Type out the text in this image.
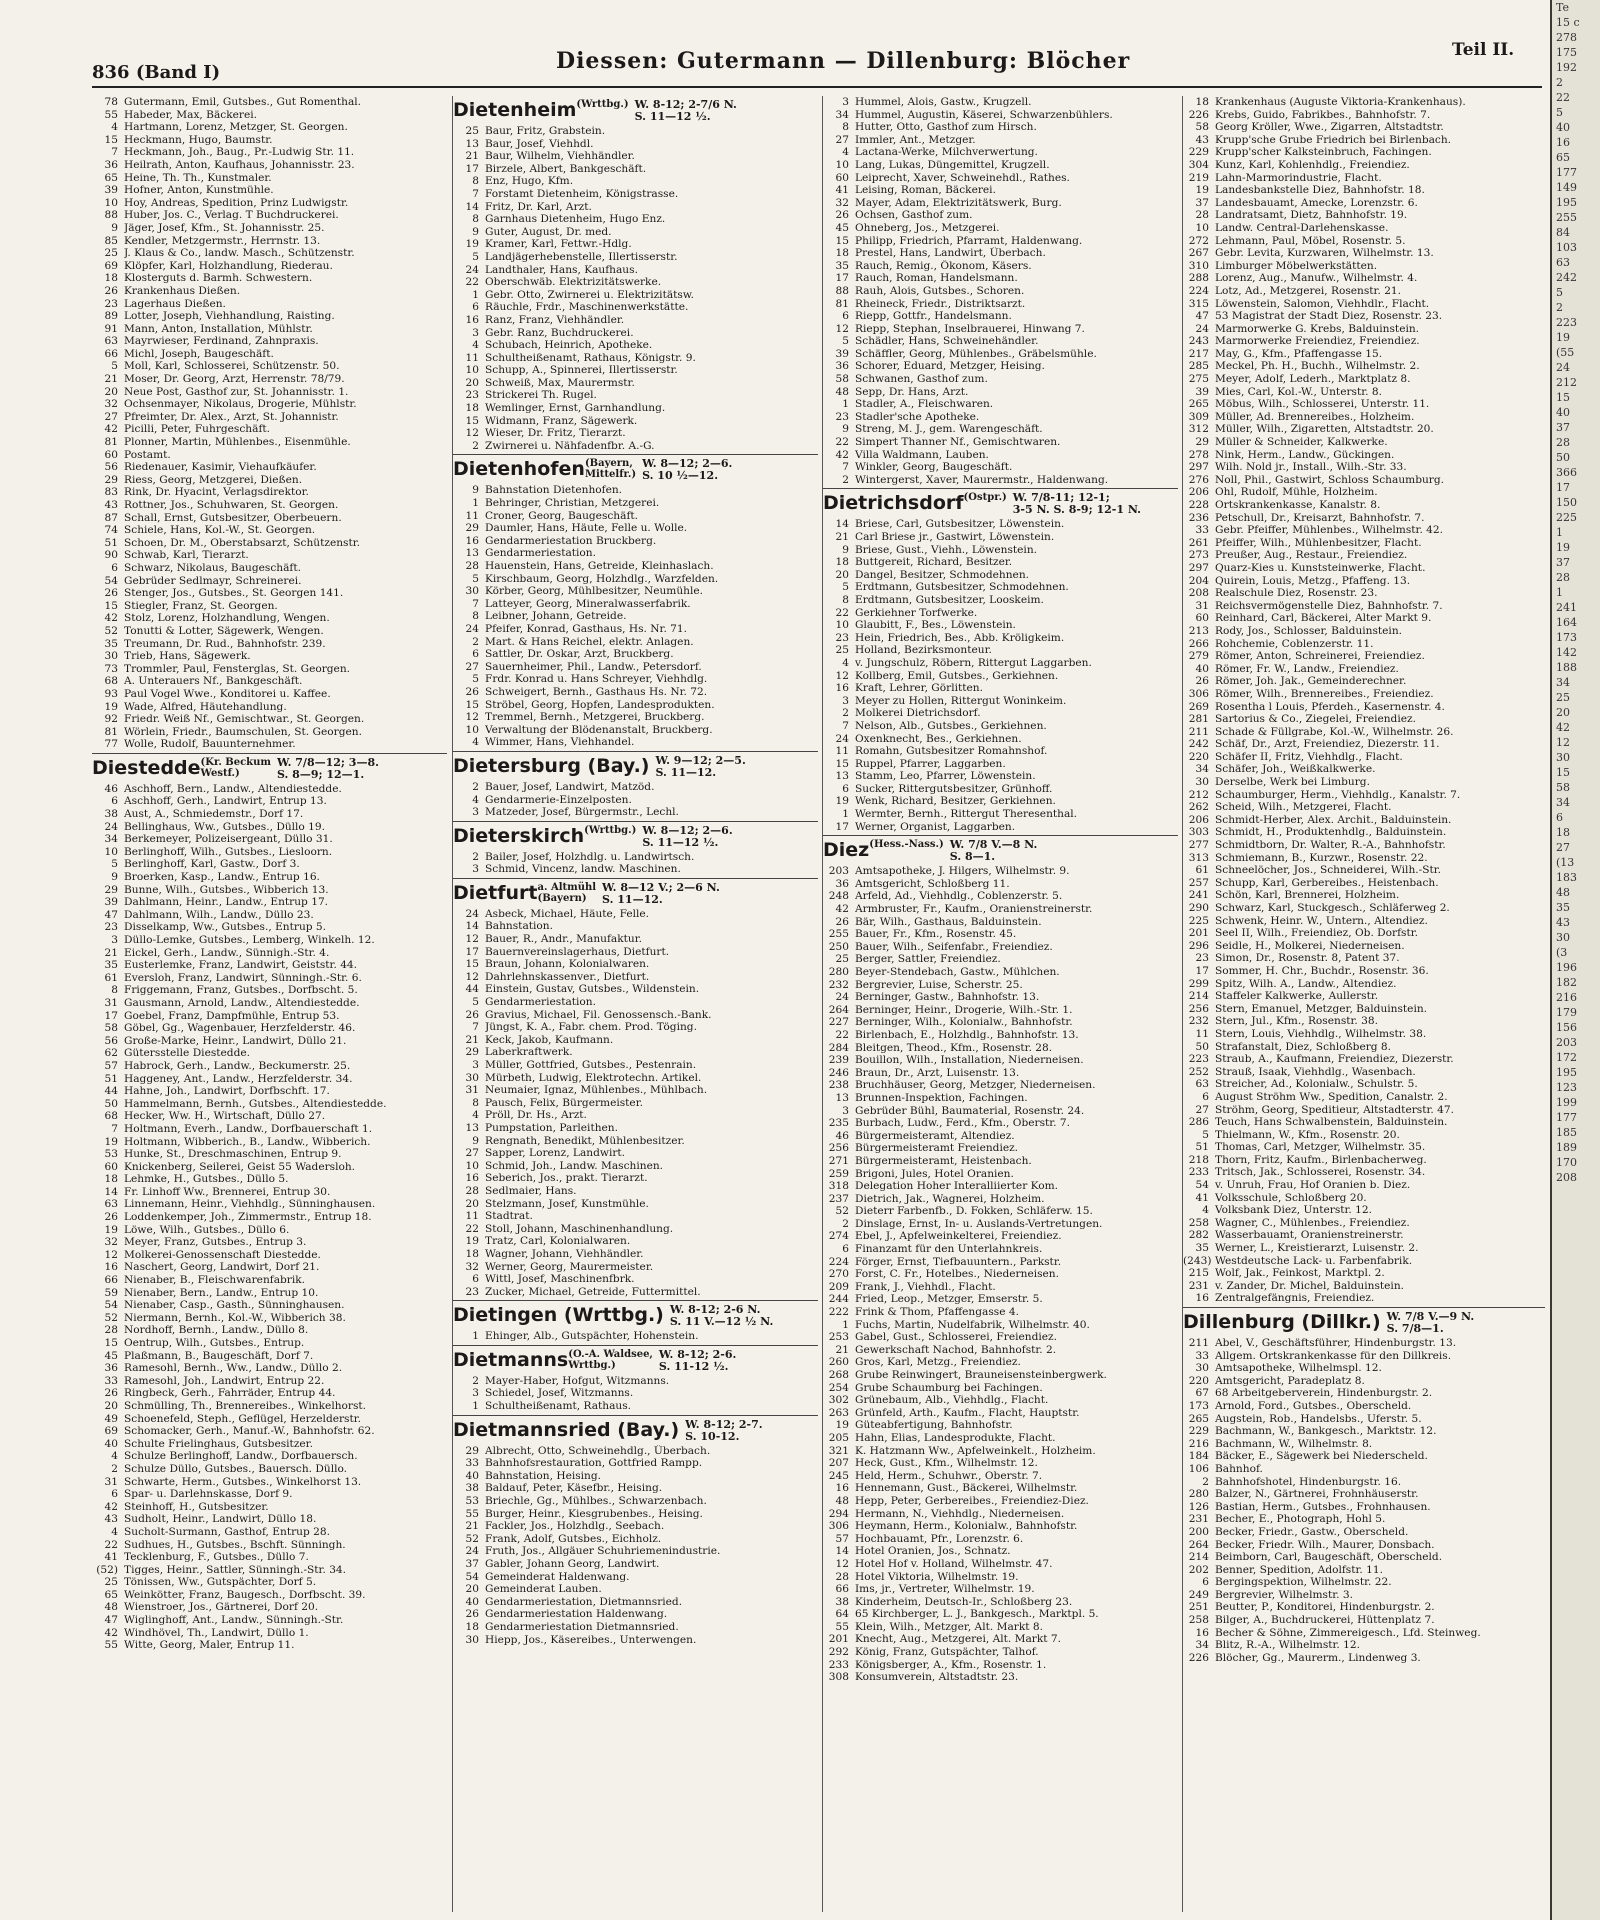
836 (Band I)	Diessen: Gutermann — Dillenburg: Blöcher	Teil II.
78 Gutermann, Emil, Gutsbes., Gut Romenthal.
55 Habeder, Max, Bäckerei.
4 Hartmann, Lorenz, Metzger, St. Georgen.
15 Heckmann, Hugo, Baumstr.
7 Heckmann, Joh., Baug., Pr.-Ludwig Str. 11.
36 Heilrath, Anton, Kaufhaus, Johannisstr. 23.
65 Heine, Th. Th., Kunstmaler.
39 Hofner, Anton, Kunstmühle.
10 Hoy, Andreas, Spedition, Prinz Ludwigstr.
88 Huber, Jos. C., Verlag. T Buchdruckerei.
9 Jäger, Josef, Kfm., St. Johannisstr. 25.
85 Kendler, Metzgermstr., Herrnstr. 13.
25 J. Klaus & Co., landw. Masch., Schützenstr.
69 Klöpfer, Karl, Holzhandlung, Riederau.
18 Klosterguts d. Barmh. Schwestern.
26 Krankenhaus Dießen.
23 Lagerhaus Dießen.
89 Lotter, Joseph, Viehhandlung, Raisting.
91 Mann, Anton, Installation, Mühlstr.
63 Mayrwieser, Ferdinand, Zahnpraxis.
66 Michl, Joseph, Baugeschäft.
5 Moll, Karl, Schlosserei, Schützenstr. 50.
21 Moser, Dr. Georg, Arzt, Herrenstr. 78/79.
20 Neue Post, Gasthof zur, St. Johannisstr. 1.
32 Ochsenmayer, Nikolaus, Drogerie, Mühlstr.
27 Pfreimter, Dr. Alex., Arzt, St. Johannistr.
42 Picilli, Peter, Fuhrgeschäft.
81 Plonner, Martin, Mühlenbes., Eisenmühle.
60 Postamt.
56 Riedenauer, Kasimir, Viehaufkäufer.
29 Riess, Georg, Metzgerei, Dießen.
83 Rink, Dr. Hyacint, Verlagsdirektor.
43 Rottner, Jos., Schuhwaren, St. Georgen.
87 Schall, Ernst, Gutsbesitzer, Oberbeuern.
74 Schiele, Hans, Kol.-W., St. Georgen.
51 Schoen, Dr. M., Oberstabsarzt, Schützenstr.
90 Schwab, Karl, Tierarzt.
6 Schwarz, Nikolaus, Baugeschäft.
54 Gebrüder Sedlmayr, Schreinerei.
26 Stenger, Jos., Gutsbes., St. Georgen 141.
15 Stiegler, Franz, St. Georgen.
42 Stolz, Lorenz, Holzhandlung, Wengen.
52 Tonutti & Lotter, Sägewerk, Wengen.
35 Treumann, Dr. Rud., Bahnhofstr. 239.
30 Trieb, Hans, Sägewerk.
73 Trommler, Paul, Fensterglas, St. Georgen.
68 A. Unterauers Nf., Bankgeschäft.
93 Paul Vogel Wwe., Konditorei u. Kaffee.
19 Wade, Alfred, Häutehandlung.
92 Friedr. Weiß Nf., Gemischtwar., St. Georgen.
81 Wörlein, Friedr., Baumschulen, St. Georgen.
77 Wolle, Rudolf, Bauunternehmer.
Diestedde (Kr. Beckum
Westf.)
W. 7/8—12; 3—8.
S. 8—9; 12—1.
46 Aschhoff, Bern., Landw., Altendiestedde.
6 Aschhoff, Gerh., Landwirt, Entrup 13.
38 Aust, A., Schmiedemstr., Dorf 17.
24 Bellinghaus, Ww., Gutsbes., Düllo 19.
34 Berkemeyer, Polizeisergeant, Düllo 31.
10 Berlinghoff, Wilh., Gutsbes., Liesloorn.
5 Berlinghoff, Karl, Gastw., Dorf 3.
9 Broerken, Kasp., Landw., Entrup 16.
29 Bunne, Wilh., Gutsbes., Wibberich 13.
39 Dahlmann, Heinr., Landw., Entrup 17.
47 Dahlmann, Wilh., Landw., Düllo 23.
23 Disselkamp, Ww., Gutsbes., Entrup 5.
3 Düllo-Lemke, Gutsbes., Lemberg, Winkelh. 12.
21 Eickel, Gerh., Landw., Sünnigh.-Str. 4.
35 Eusterlemke, Franz, Landwirt, Geiststr. 44.
61 Eversloh, Franz, Landwirt, Sünningh.-Str. 6.
8 Friggemann, Franz, Gutsbes., Dorfbscht. 5.
31 Gausmann, Arnold, Landw., Altendiestedde.
17 Goebel, Franz, Dampfmühle, Entrup 53.
58 Göbel, Gg., Wagenbauer, Herzfelderstr. 46.
56 Große-Marke, Heinr., Landwirt, Düllo 21.
62 Gütersstelle Diestedde.
57 Habrock, Gerh., Landw., Beckumerstr. 25.
51 Haggeney, Ant., Landw., Herzfelderstr. 34.
44 Hahne, Joh., Landwirt, Dorfbschft. 17.
50 Hammelmann, Bernh., Gutsbes., Altendiestedde.
68 Hecker, Ww. H., Wirtschaft, Düllo 27.
7 Holtmann, Everh., Landw., Dorfbauerschaft 1.
19 Holtmann, Wibberich., B., Landw., Wibberich.
53 Hunke, St., Dreschmaschinen, Entrup 9.
60 Knickenberg, Seilerei, Geist 55 Wadersloh.
18 Lehmke, H., Gutsbes., Düllo 5.
14 Fr. Linhoff Ww., Brennerei, Entrup 30.
63 Linnemann, Heinr., Viehhdlg., Sünninghausen.
26 Loddenkemper, Joh., Zimmermstr., Entrup 18.
19 Löwe, Wilh., Gutsbes., Düllo 6.
32 Meyer, Franz, Gutsbes., Entrup 3.
12 Molkerei-Genossenschaft Diestedde.
16 Naschert, Georg, Landwirt, Dorf 21.
66 Nienaber, B., Fleischwarenfabrik.
59 Nienaber, Bern., Landw., Entrup 10.
54 Nienaber, Casp., Gasth., Sünninghausen.
52 Niermann, Bernh., Kol.-W., Wibberich 38.
28 Nordhoff, Bernh., Landw., Düllo 8.
15 Oentrup, Wilh., Gutsbes., Entrup.
45 Plaßmann, B., Baugeschäft, Dorf 7.
36 Ramesohl, Bernh., Ww., Landw., Düllo 2.
33 Ramesohl, Joh., Landwirt, Entrup 22.
26 Ringbeck, Gerh., Fahrräder, Entrup 44.
20 Schmülling, Th., Brennereibes., Winkelhorst.
49 Schoenefeld, Steph., Geflügel, Herzelderstr.
69 Schomacker, Gerh., Manuf.-W., Bahnhofstr. 62.
40 Schulte Frielinghaus, Gutsbesitzer.
4 Schulze Berlinghoff, Landw., Dorfbauersch.
2 Schulze Düllo, Gutsbes., Bauersch. Düllo.
31 Schwarte, Herm., Gutsbes., Winkelhorst 13.
6 Spar- u. Darlehnskasse, Dorf 9.
42 Steinhoff, H., Gutsbesitzer.
43 Sudholt, Heinr., Landwirt, Düllo 18.
4 Sucholt-Surmann, Gasthof, Entrup 28.
22 Sudhues, H., Gutsbes., Bschft. Sünningh.
41 Tecklenburg, F., Gutsbes., Düllo 7.
(52) Tigges, Heinr., Sattler, Sünningh.-Str. 34.
25 Tönissen, Ww., Gutspächter, Dorf 5.
65 Weinkötter, Franz, Baugesch., Dorfbscht. 39.
48 Wienstroer, Jos., Gärtnerei, Dorf 20.
47 Wiglinghoff, Ant., Landw., Sünningh.-Str.
42 Windhövel, Th., Landwirt, Düllo 1.
55 Witte, Georg, Maler, Entrup 11.
Dietenheim (Wrttbg.) W. 8-12; 2-7/6 N.
S. 11—12 ½.
25 Baur, Fritz, Grabstein.
13 Baur, Josef, Viehhdl.
21 Baur, Wilhelm, Viehhändler.
17 Birzele, Albert, Bankgeschäft.
8 Enz, Hugo, Kfm.
7 Forstamt Dietenheim, Königstrasse.
14 Fritz, Dr. Karl, Arzt.
8 Garnhaus Dietenheim, Hugo Enz.
9 Guter, August, Dr. med.
19 Kramer, Karl, Fettwr.-Hdlg.
5 Landjägerhebenstelle, Illertisserstr.
24 Landthaler, Hans, Kaufhaus.
22 Oberschwäb. Elektrizitätswerke.
1 Gebr. Otto, Zwirnerei u. Elektrizitätsw.
6 Räuchle, Frdr., Maschinenwerkstätte.
16 Ranz, Franz, Viehhändler.
3 Gebr. Ranz, Buchdruckerei.
4 Schubach, Heinrich, Apotheke.
11 Schultheißenamt, Rathaus, Königstr. 9.
10 Schupp, A., Spinnerei, Illertisserstr.
20 Schweiß, Max, Maurermstr.
23 Strickerei Th. Rugel.
18 Wemlinger, Ernst, Garnhandlung.
15 Widmann, Franz, Sägewerk.
12 Wieser, Dr. Fritz, Tierarzt.
2 Zwirnerei u. Nähfadenfbr. A.-G.
Dietenhofen (Bayern,
Mittelfr.)
W. 8—12; 2—6.
S. 10 ½—12.
9 Bahnstation Dietenhofen.
1 Behringer, Christian, Metzgerei.
11 Croner, Georg, Baugeschäft.
29 Daumler, Hans, Häute, Felle u. Wolle.
16 Gendarmeriestation Bruckberg.
13 Gendarmeriestation.
28 Hauenstein, Hans, Getreide, Kleinhaslach.
5 Kirschbaum, Georg, Holzhdlg., Warzfelden.
30 Körber, Georg, Mühlbesitzer, Neumühle.
7 Latteyer, Georg, Mineralwasserfabrik.
8 Leibner, Johann, Getreide.
24 Pfeifer, Konrad, Gasthaus, Hs. Nr. 71.
2 Mart. & Hans Reichel, elektr. Anlagen.
6 Sattler, Dr. Oskar, Arzt, Bruckberg.
27 Sauernheimer, Phil., Landw., Petersdorf.
5 Frdr. Konrad u. Hans Schreyer, Viehhdlg.
26 Schweigert, Bernh., Gasthaus Hs. Nr. 72.
15 Ströbel, Georg, Hopfen, Landesprodukten.
12 Tremmel, Bernh., Metzgerei, Bruckberg.
10 Verwaltung der Blödenanstalt, Bruckberg.
4 Wimmer, Hans, Viehhandel.
Dietersburg (Bay.) W. 9—12; 2—5.
S. 11—12.
2 Bauer, Josef, Landwirt, Matzöd.
4 Gendarmerie-Einzelposten.
3 Matzeder, Josef, Bürgermstr., Lechl.
Dieterskirch (Wrttbg.) W. 8—12; 2—6.
S. 11—12 ½.
2 Bailer, Josef, Holzhdlg. u. Landwirtsch.
3 Schmid, Vincenz, landw. Maschinen.
Dietfurt a. Altmühl
(Bayern)
W. 8—12 V.; 2—6 N.
S. 11—12.
24 Asbeck, Michael, Häute, Felle.
14 Bahnstation.
12 Bauer, R., Andr., Manufaktur.
17 Bauernvereinslagerhaus, Dietfurt.
15 Braun, Johann, Kolonialwaren.
12 Dahrlehnskassenver., Dietfurt.
44 Einstein, Gustav, Gutsbes., Wildenstein.
5 Gendarmeriestation.
26 Gravius, Michael, Fil. Genossensch.-Bank.
7 Jüngst, K. A., Fabr. chem. Prod. Töging.
21 Keck, Jakob, Kaufmann.
29 Laberkraftwerk.
3 Müller, Gottfried, Gutsbes., Pestenrain.
30 Mürbeth, Ludwig, Elektrotechn. Artikel.
31 Neumaier, Ignaz, Mühlenbes., Mühlbach.
8 Pausch, Felix, Bürgermeister.
4 Pröll, Dr. Hs., Arzt.
13 Pumpstation, Parleithen.
9 Rengnath, Benedikt, Mühlenbesitzer.
27 Sapper, Lorenz, Landwirt.
10 Schmid, Joh., Landw. Maschinen.
16 Seberich, Jos., prakt. Tierarzt.
28 Sedlmaier, Hans.
20 Stelzmann, Josef, Kunstmühle.
11 Stadtrat.
22 Stoll, Johann, Maschinenhandlung.
19 Tratz, Carl, Kolonialwaren.
18 Wagner, Johann, Viehhändler.
32 Werner, Georg, Maurermeister.
6 Wittl, Josef, Maschinenfbrk.
23 Zucker, Michael, Getreide, Futtermittel.
Dietingen (Wrttbg.) W. 8-12; 2-6 N.
S. 11 V.—12 ½ N.
1 Ehinger, Alb., Gutspächter, Hohenstein.
Dietmanns (O.-A. Waldsee,
Wrttbg.)
W. 8-12; 2-6.
S. 11-12 ½.
2 Mayer-Haber, Hofgut, Witzmanns.
3 Schiedel, Josef, Witzmanns.
1 Schultheißenamt, Rathaus.
Dietmannsried (Bay.) W. 8-12; 2-7.
S. 10-12.
29 Albrecht, Otto, Schweinehdlg., Überbach.
33 Bahnhofsrestauration, Gottfried Rampp.
40 Bahnstation, Heising.
38 Baldauf, Peter, Käsefbr., Heising.
53 Briechle, Gg., Mühlbes., Schwarzenbach.
55 Burger, Heinr., Kiesgrubenbes., Heising.
21 Fackler, Jos., Holzhdlg., Seebach.
52 Frank, Adolf, Gutsbes., Eichholz.
24 Fruth, Jos., Allgäuer Schuhriemenindustrie.
37 Gabler, Johann Georg, Landwirt.
54 Gemeinderat Haldenwang.
20 Gemeinderat Lauben.
40 Gendarmeriestation, Dietmannsried.
26 Gendarmeriestation Haldenwang.
18 Gendarmeriestation Dietmannsried.
30 Hiepp, Jos., Käsereibes., Unterwengen.
3 Hummel, Alois, Gastw., Krugzell.
34 Hummel, Augustin, Käserei, Schwarzenbühlers.
8 Hutter, Otto, Gasthof zum Hirsch.
27 Immler, Ant., Metzger.
4 Lactana-Werke, Milchverwertung.
10 Lang, Lukas, Düngemittel, Krugzell.
60 Leiprecht, Xaver, Schweinehdl., Rathes.
41 Leising, Roman, Bäckerei.
32 Mayer, Adam, Elektrizitätswerk, Burg.
26 Ochsen, Gasthof zum.
45 Ohneberg, Jos., Metzgerei.
15 Philipp, Friedrich, Pfarramt, Haldenwang.
18 Prestel, Hans, Landwirt, Überbach.
35 Rauch, Remig., Ökonom, Käsers.
17 Rauch, Roman, Handelsmann.
88 Rauh, Alois, Gutsbes., Schoren.
81 Rheineck, Friedr., Distriktsarzt.
6 Riepp, Gottfr., Handelsmann.
12 Riepp, Stephan, Inselbrauerei, Hinwang 7.
5 Schädler, Hans, Schweinehändler.
39 Schäffler, Georg, Mühlenbes., Gräbelsmühle.
36 Schorer, Eduard, Metzger, Heising.
58 Schwanen, Gasthof zum.
48 Sepp, Dr. Hans, Arzt.
1 Stadler, A., Fleischwaren.
23 Stadler'sche Apotheke.
9 Streng, M. J., gem. Warengeschäft.
22 Simpert Thanner Nf., Gemischtwaren.
42 Villa Waldmann, Lauben.
7 Winkler, Georg, Baugeschäft.
2 Wintergerst, Xaver, Maurermstr., Haldenwang.
Dietrichsdorf (Ostpr.) W. 7/8-11; 12-1;
3-5 N. S. 8-9; 12-1 N.
14 Briese, Carl, Gutsbesitzer, Löwenstein.
21 Carl Briese jr., Gastwirt, Löwenstein.
9 Briese, Gust., Viehh., Löwenstein.
18 Buttgereit, Richard, Besitzer.
20 Dangel, Besitzer, Schmodehnen.
5 Erdtmann, Gutsbesitzer, Schmodehnen.
8 Erdtmann, Gutsbesitzer, Looskeim.
22 Gerkiehner Torfwerke.
10 Glaubitt, F., Bes., Löwenstein.
23 Hein, Friedrich, Bes., Abb. Kröligkeim.
25 Holland, Bezirksmonteur.
4 v. Jungschulz, Röbern, Rittergut Laggarben.
12 Kollberg, Emil, Gutsbes., Gerkiehnen.
16 Kraft, Lehrer, Görlitten.
3 Meyer zu Hollen, Rittergut Woninkeim.
2 Molkerei Dietrichsdorf.
7 Nelson, Alb., Gutsbes., Gerkiehnen.
24 Oxenknecht, Bes., Gerkiehnen.
11 Romahn, Gutsbesitzer Romahnshof.
15 Ruppel, Pfarrer, Laggarben.
13 Stamm, Leo, Pfarrer, Löwenstein.
6 Sucker, Rittergutsbesitzer, Grünhoff.
19 Wenk, Richard, Besitzer, Gerkiehnen.
1 Wermter, Bernh., Rittergut Theresenthal.
17 Werner, Organist, Laggarben.
Diez (Hess.-Nass.) W. 7/8 V.—8 N.
S. 8—1.
203 Amtsapotheke, J. Hilgers, Wilhelmstr. 9.
36 Amtsgericht, Schloßberg 11.
248 Arfeld, Ad., Viehhdlg., Coblenzerstr. 5.
42 Armbruster, Fr., Kaufm., Oranienstreinerstr.
26 Bär, Wilh., Gasthaus, Balduinstein.
255 Bauer, Fr., Kfm., Rosenstr. 45.
250 Bauer, Wilh., Seifenfabr., Freiendiez.
25 Berger, Sattler, Freiendiez.
280 Beyer-Stendebach, Gastw., Mühlchen.
232 Bergrevier, Luise, Scherstr. 25.
24 Berninger, Gastw., Bahnhofstr. 13.
264 Berninger, Heinr., Drogerie, Wilh.-Str. 1.
227 Berninger, Wilh., Kolonialw., Bahnhofstr.
22 Birlenbach, E., Holzhdlg., Bahnhofstr. 13.
284 Bleitgen, Theod., Kfm., Rosenstr. 28.
239 Bouillon, Wilh., Installation, Niederneisen.
246 Braun, Dr., Arzt, Luisenstr. 13.
238 Bruchhäuser, Georg, Metzger, Niederneisen.
13 Brunnen-Inspektion, Fachingen.
3 Gebrüder Bühl, Baumaterial, Rosenstr. 24.
235 Burbach, Ludw., Ferd., Kfm., Oberstr. 7.
46 Bürgermeisteramt, Altendiez.
256 Bürgermeisteramt Freiendiez.
271 Bürgermeisteramt, Heistenbach.
259 Brigoni, Jules, Hotel Oranien.
318 Delegation Hoher Interalliierter Kom.
237 Dietrich, Jak., Wagnerei, Holzheim.
52 Dieterr Farbenfb., D. Fokken, Schläferw. 15.
2 Dinslage, Ernst, In- u. Auslands-Vertretungen.
274 Ebel, J., Apfelweinkelterei, Freiendiez.
6 Finanzamt für den Unterlahnkreis.
224 Förger, Ernst, Tiefbauuntern., Parkstr.
270 Forst, C. Fr., Hotelbes., Niederneisen.
209 Frank, J., Viehhdl., Flacht.
244 Fried, Leop., Metzger, Emserstr. 5.
222 Frink & Thom, Pfaffengasse 4.
1 Fuchs, Martin, Nudelfabrik, Wilhelmstr. 40.
253 Gabel, Gust., Schlosserei, Freiendiez.
21 Gewerkschaft Nachod, Bahnhofstr. 2.
260 Gros, Karl, Metzg., Freiendiez.
268 Grube Reinwingert, Brauneisensteinbergwerk.
254 Grube Schaumburg bei Fachingen.
302 Grünebaum, Alb., Viehhdlg., Flacht.
263 Grünfeld, Arth., Kaufm., Flacht, Hauptstr.
19 Güteabfertigung, Bahnhofstr.
205 Hahn, Elias, Landesprodukte, Flacht.
321 K. Hatzmann Ww., Apfelweinkelt., Holzheim.
207 Heck, Gust., Kfm., Wilhelmstr. 12.
245 Held, Herm., Schuhwr., Oberstr. 7.
16 Hennemann, Gust., Bäckerei, Wilhelmstr.
48 Hepp, Peter, Gerbereibes., Freiendiez-Diez.
294 Hermann, N., Viehhdlg., Niederneisen.
306 Heymann, Herm., Kolonialw., Bahnhofstr.
57 Hochbauamt, Pfr., Lorenzstr. 6.
14 Hotel Oranien, Jos., Schnatz.
12 Hotel Hof v. Holland, Wilhelmstr. 47.
28 Hotel Viktoria, Wilhelmstr. 19.
66 Ims, jr., Vertreter, Wilhelmstr. 19.
38 Kinderheim, Deutsch-Ir., Schloßberg 23.
64 65 Kirchberger, L. J., Bankgesch., Marktpl. 5.
55 Klein, Wilh., Metzger, Alt. Markt 8.
201 Knecht, Aug., Metzgerei, Alt. Markt 7.
292 König, Franz, Gutspächter, Talhof.
233 Königsberger, A., Kfm., Rosenstr. 1.
308 Konsumverein, Altstadtstr. 23.
18 Krankenhaus (Auguste Viktoria-Krankenhaus).
226 Krebs, Guido, Fabrikbes., Bahnhofstr. 7.
58 Georg Kröller, Wwe., Zigarren, Altstadtstr.
43 Krupp'sche Grube Friedrich bei Birlenbach.
229 Krupp'scher Kalksteinbruch, Fachingen.
304 Kunz, Karl, Kohlenhdlg., Freiendiez.
219 Lahn-Marmorindustrie, Flacht.
19 Landesbankstelle Diez, Bahnhofstr. 18.
37 Landesbauamt, Amecke, Lorenzstr. 6.
28 Landratsamt, Dietz, Bahnhofstr. 19.
10 Landw. Central-Darlehenskasse.
272 Lehmann, Paul, Möbel, Rosenstr. 5.
267 Gebr. Levita, Kurzwaren, Wilhelmstr. 13.
310 Limburger Möbelwerkstätten.
288 Lorenz, Aug., Manufw., Wilhelmstr. 4.
224 Lotz, Ad., Metzgerei, Rosenstr. 21.
315 Löwenstein, Salomon, Viehhdlr., Flacht.
47 53 Magistrat der Stadt Diez, Rosenstr. 23.
24 Marmorwerke G. Krebs, Balduinstein.
243 Marmorwerke Freiendiez, Freiendiez.
217 May, G., Kfm., Pfaffengasse 15.
285 Meckel, Ph. H., Buchh., Wilhelmstr. 2.
275 Meyer, Adolf, Lederh., Marktplatz 8.
39 Mies, Carl, Kol.-W., Unterstr. 8.
265 Möbus, Wilh., Schlosserei, Unterstr. 11.
309 Müller, Ad. Brennereibes., Holzheim.
312 Müller, Wilh., Zigaretten, Altstadtstr. 20.
29 Müller & Schneider, Kalkwerke.
278 Nink, Herm., Landw., Gückingen.
297 Wilh. Nold jr., Install., Wilh.-Str. 33.
276 Noll, Phil., Gastwirt, Schloss Schaumburg.
206 Ohl, Rudolf, Mühle, Holzheim.
228 Ortskrankenkasse, Kanalstr. 8.
236 Petschull, Dr., Kreisarzt, Bahnhofstr. 7.
33 Gebr. Pfeiffer, Mühlenbes., Wilhelmstr. 42.
261 Pfeiffer, Wilh., Mühlenbesitzer, Flacht.
273 Preußer, Aug., Restaur., Freiendiez.
297 Quarz-Kies u. Kunststeinwerke, Flacht.
204 Quirein, Louis, Metzg., Pfaffeng. 13.
208 Realschule Diez, Rosenstr. 23.
31 Reichsvermögenstelle Diez, Bahnhofstr. 7.
60 Reinhard, Carl, Bäckerei, Alter Markt 9.
213 Rody, Jos., Schlosser, Balduinstein.
266 Rohchemie, Coblenzerstr. 11.
279 Römer, Anton, Schreinerei, Freiendiez.
40 Römer, Fr. W., Landw., Freiendiez.
26 Römer, Joh. Jak., Gemeinderechner.
306 Römer, Wilh., Brennereibes., Freiendiez.
269 Rosentha l Louis, Pferdeh., Kasernenstr. 4.
281 Sartorius & Co., Ziegelei, Freiendiez.
211 Schade & Füllgrabe, Kol.-W., Wilhelmstr. 26.
242 Schäf, Dr., Arzt, Freiendiez, Diezerstr. 11.
220 Schäfer II, Fritz, Viehhdlg., Flacht.
34 Schäfer, Joh., Weißkalkwerke.
30 Derselbe, Werk bei Limburg.
212 Schaumburger, Herm., Viehhdlg., Kanalstr. 7.
262 Scheid, Wilh., Metzgerei, Flacht.
206 Schmidt-Herber, Alex. Archit., Balduinstein.
303 Schmidt, H., Produktenhdlg., Balduinstein.
277 Schmidtborn, Dr. Walter, R.-A., Bahnhofstr.
313 Schmiemann, B., Kurzwr., Rosenstr. 22.
61 Schneelöcher, Jos., Schneiderei, Wilh.-Str.
257 Schupp, Karl, Gerbereibes., Heistenbach.
241 Schön, Karl, Brennerei, Holzheim.
290 Schwarz, Karl, Stuckgesch., Schläferweg 2.
225 Schwenk, Heinr. W., Untern., Altendiez.
201 Seel II, Wilh., Freiendiez, Ob. Dorfstr.
296 Seidle, H., Molkerei, Niederneisen.
23 Simon, Dr., Rosenstr. 8, Patent 37.
17 Sommer, H. Chr., Buchdr., Rosenstr. 36.
299 Spitz, Wilh. A., Landw., Altendiez.
214 Staffeler Kalkwerke, Aullerstr.
256 Stern, Emanuel, Metzger, Balduinstein.
232 Stern, Jul., Kfm., Rosenstr. 38.
11 Stern, Louis, Viehhdlg., Wilhelmstr. 38.
50 Strafanstalt, Diez, Schloßberg 8.
223 Straub, A., Kaufmann, Freiendiez, Diezerstr.
252 Strauß, Isaak, Viehhdlg., Wasenbach.
63 Streicher, Ad., Kolonialw., Schulstr. 5.
6 August Ströhm Ww., Spedition, Canalstr. 2.
27 Ströhm, Georg, Speditieur, Altstadterstr. 47.
286 Teuch, Hans Schwalbenstein, Balduinstein.
5 Thielmann, W., Kfm., Rosenstr. 20.
51 Thomas, Carl, Metzger, Wilhelmstr. 35.
218 Thorn, Fritz, Kaufm., Birlenbacherweg.
233 Tritsch, Jak., Schlosserei, Rosenstr. 34.
54 v. Unruh, Frau, Hof Oranien b. Diez.
41 Volksschule, Schloßberg 20.
4 Volksbank Diez, Unterstr. 12.
258 Wagner, C., Mühlenbes., Freiendiez.
282 Wasserbauamt, Oranienstreinerstr.
35 Werner, L., Kreistierarzt, Luisenstr. 2.
(243) Westdeutsche Lack- u. Farbenfabrik.
215 Wolf, Jak., Feinkost, Marktpl. 2.
231 v. Zander, Dr. Michel, Balduinstein.
16 Zentralgefängnis, Freiendiez.
Dillenburg (Dillkr.) W. 7/8 V.—9 N.
S. 7/8—1.
211 Abel, V., Geschäftsführer, Hindenburgstr. 13.
33 Allgem. Ortskrankenkasse für den Dillkreis.
30 Amtsapotheke, Wilhelmspl. 12.
220 Amtsgericht, Paradeplatz 8.
67 68 Arbeitgeberverein, Hindenburgstr. 2.
173 Arnold, Ford., Gutsbes., Oberscheld.
265 Augstein, Rob., Handelsbs., Uferstr. 5.
229 Bachmann, W., Bankgesch., Marktstr. 12.
216 Bachmann, W., Wilhelmstr. 8.
184 Bäcker, E., Sägewerk bei Niederscheld.
106 Bahnhof.
2 Bahnhofshotel, Hindenburgstr. 16.
280 Balzer, N., Gärtnerei, Frohnhäuserstr.
126 Bastian, Herm., Gutsbes., Frohnhausen.
231 Becher, E., Photograph, Hohl 5.
200 Becker, Friedr., Gastw., Oberscheld.
264 Becker, Friedr. Wilh., Maurer, Donsbach.
214 Beimborn, Carl, Baugeschäft, Oberscheld.
202 Benner, Spedition, Adolfstr. 11.
6 Bergingspektion, Wilhelmstr. 22.
249 Bergrevier, Wilhelmstr. 3.
251 Beutter, P., Konditorei, Hindenburgstr. 2.
258 Bilger, A., Buchdruckerei, Hüttenplatz 7.
16 Becher & Söhne, Zimmereigesch., Lfd. Steinweg.
34 Blitz, R.-A., Wilhelmstr. 12.
226 Blöcher, Gg., Maurerm., Lindenweg 3.
Te
15 c
278
175
192
2
22
5
40
16
65
177
149
195
255
84
103
63
242
5
2
223
19
(55
24
212
15
40
37
28
50
366
17
150
225
1
19
37
28
1
241
164
173
142
188
34
25
20
42
12
30
15
58
34
6
18
27
(13
183
48
35
43
30
(3
196
182
216
179
156
203
172
195
123
199
177
185
189
170
208
